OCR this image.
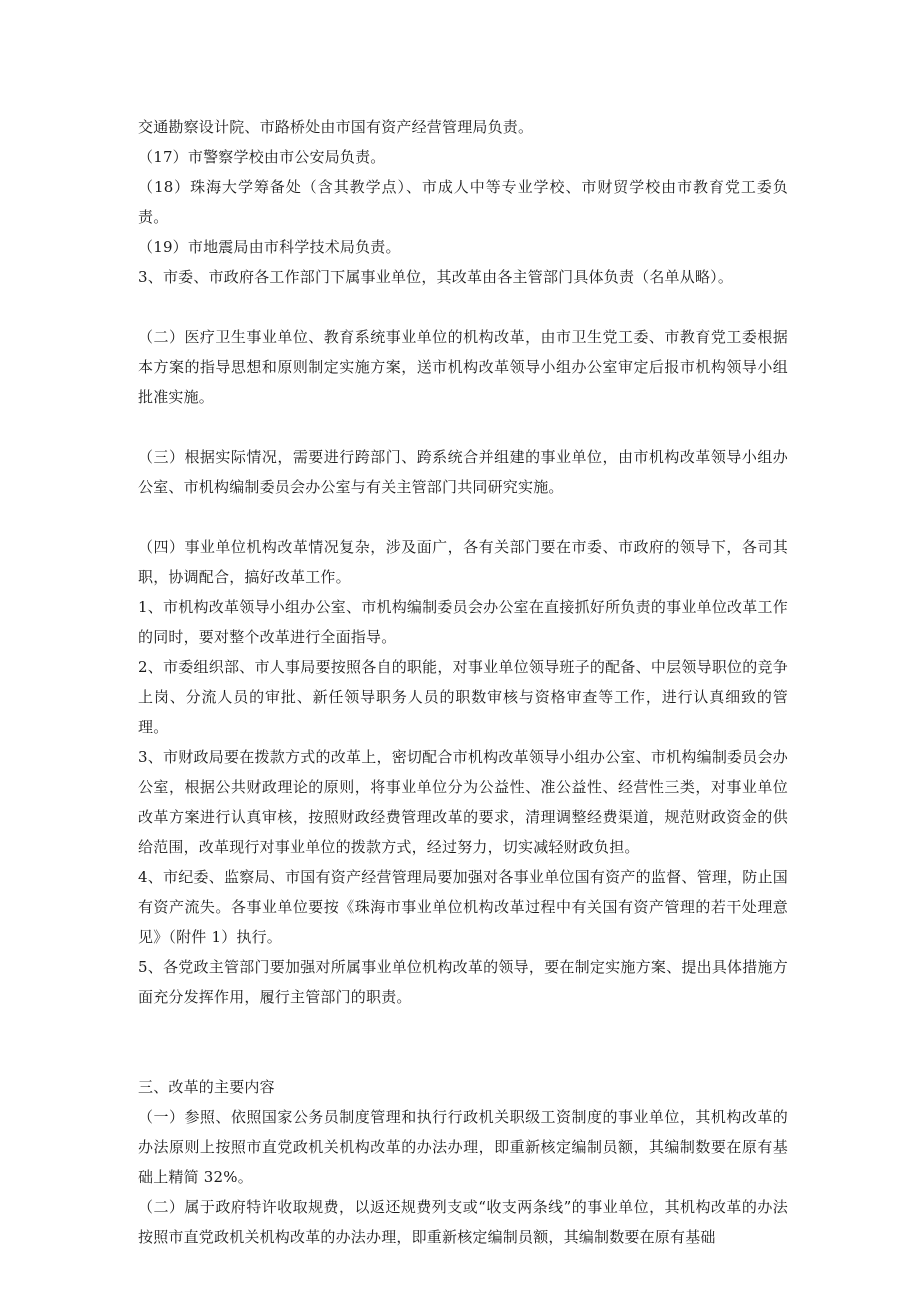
交通勘察设计院、市路桥处由市国有资产经营管理局负责。

（17）市警察学校由市公安局负责。

（18）珠海大学筹备处（含其教学点）、市成人中等专业学校、市财贸学校由市教育党工委负责。

（19）市地震局由市科学技术局负责。

3、市委、市政府各工作部门下属事业单位，其改革由各主管部门具体负责（名单从略）。

（二）医疗卫生事业单位、教育系统事业单位的机构改革，由市卫生党工委、市教育党工委根据本方案的指导思想和原则制定实施方案，送市机构改革领导小组办公室审定后报市机构领导小组批准实施。

（三）根据实际情况，需要进行跨部门、跨系统合并组建的事业单位，由市机构改革领导小组办公室、市机构编制委员会办公室与有关主管部门共同研究实施。

（四）事业单位机构改革情况复杂，涉及面广，各有关部门要在市委、市政府的领导下，各司其职，协调配合，搞好改革工作。

1、市机构改革领导小组办公室、市机构编制委员会办公室在直接抓好所负责的事业单位改革工作的同时，要对整个改革进行全面指导。

2、市委组织部、市人事局要按照各自的职能，对事业单位领导班子的配备、中层领导职位的竞争上岗、分流人员的审批、新任领导职务人员的职数审核与资格审查等工作，进行认真细致的管理。

3、市财政局要在拨款方式的改革上，密切配合市机构改革领导小组办公室、市机构编制委员会办公室，根据公共财政理论的原则，将事业单位分为公益性、准公益性、经营性三类，对事业单位改革方案进行认真审核，按照财政经费管理改革的要求，清理调整经费渠道，规范财政资金的供给范围，改革现行对事业单位的拨款方式，经过努力，切实减轻财政负担。

4、市纪委、监察局、市国有资产经营管理局要加强对各事业单位国有资产的监督、管理，防止国有资产流失。各事业单位要按《珠海市事业单位机构改革过程中有关国有资产管理的若干处理意见》（附件 1）执行。

5、各党政主管部门要加强对所属事业单位机构改革的领导，要在制定实施方案、提出具体措施方面充分发挥作用，履行主管部门的职责。

三、改革的主要内容

（一）参照、依照国家公务员制度管理和执行行政机关职级工资制度的事业单位，其机构改革的办法原则上按照市直党政机关机构改革的办法办理，即重新核定编制员额，其编制数要在原有基础上精简 32%。

（二）属于政府特许收取规费，以返还规费列支或“收支两条线”的事业单位，其机构改革的办法按照市直党政机关机构改革的办法办理，即重新核定编制员额，其编制数要在原有基础
